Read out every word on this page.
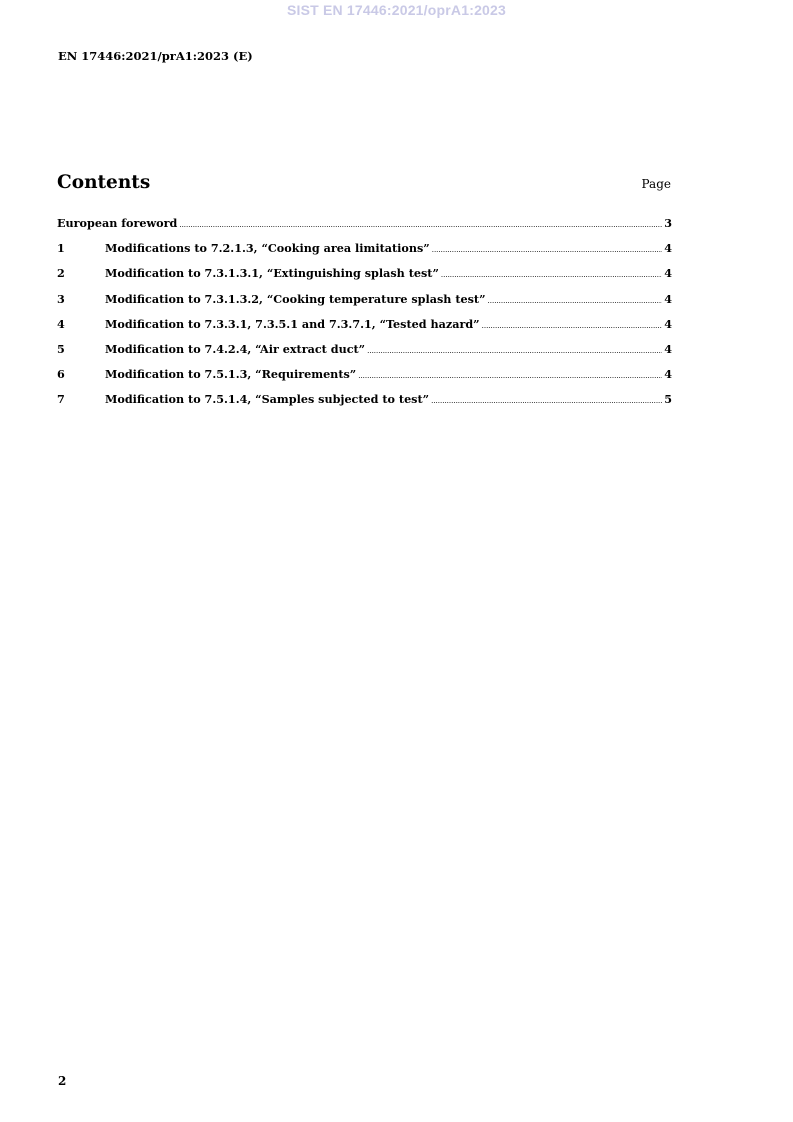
SIST EN 17446:2021/oprA1:2023
EN 17446:2021/prA1:2023 (E)
Contents	Page
European foreword .....	3
1	Modifications to 7.2.1.3, “Cooking area limitations” .....	4
2	Modification to 7.3.1.3.1, “Extinguishing splash test” .....	4
3	Modification to 7.3.1.3.2, “Cooking temperature splash test” .....	4
4	Modification to 7.3.3.1, 7.3.5.1 and 7.3.7.1, “Tested hazard” .....	4
5	Modification to 7.4.2.4, “Air extract duct” .....	4
6	Modification to 7.5.1.3, “Requirements” .....	4
7	Modification to 7.5.1.4, “Samples subjected to test” .....	5
2
